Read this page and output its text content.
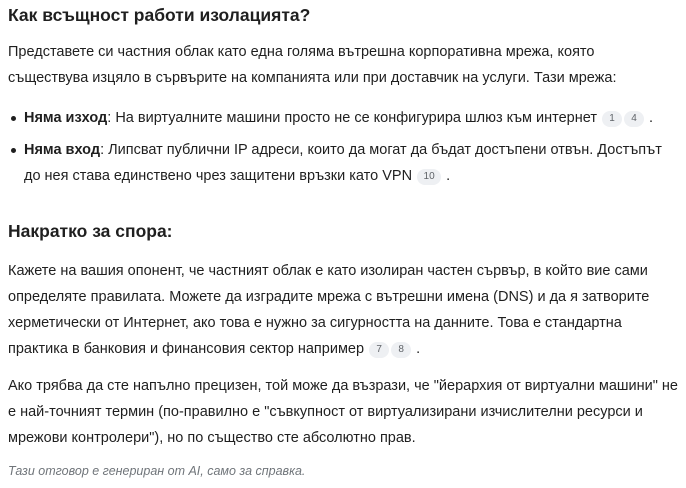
Как всъщност работи изолацията?

Представете си частния облак като една голяма вътрешна корпоративна мрежа, която съществува изцяло в сървърите на компанията или при доставчик на услуги. Тази мрежа:

Няма изход: На виртуалните машини просто не се конфигурира шлюз към интернет 1 4 .
Няма вход: Липсват публични IP адреси, които да могат да бъдат достъпени отвън. Достъпът до нея става единствено чрез защитени връзки като VPN 10 .
Накратко за спора:

Кажете на вашия опонент, че частният облак е като изолиран частен сървър, в който вие сами определяте правилата. Можете да изградите мрежа с вътрешни имена (DNS) и да я затворите херметически от Интернет, ако това е нужно за сигурността на данните. Това е стандартна практика в банковия и финансовия сектор например 7 8 .

Ако трябва да сте напълно прецизен, той може да възрази, че "йерархия от виртуални машини" не е най-точният термин (по-правилно е "съвкупност от виртуализирани изчислителни ресурси и мрежови контролери"), но по същество сте абсолютно прав.

Тази отговор е генериран от AI, само за справка.
